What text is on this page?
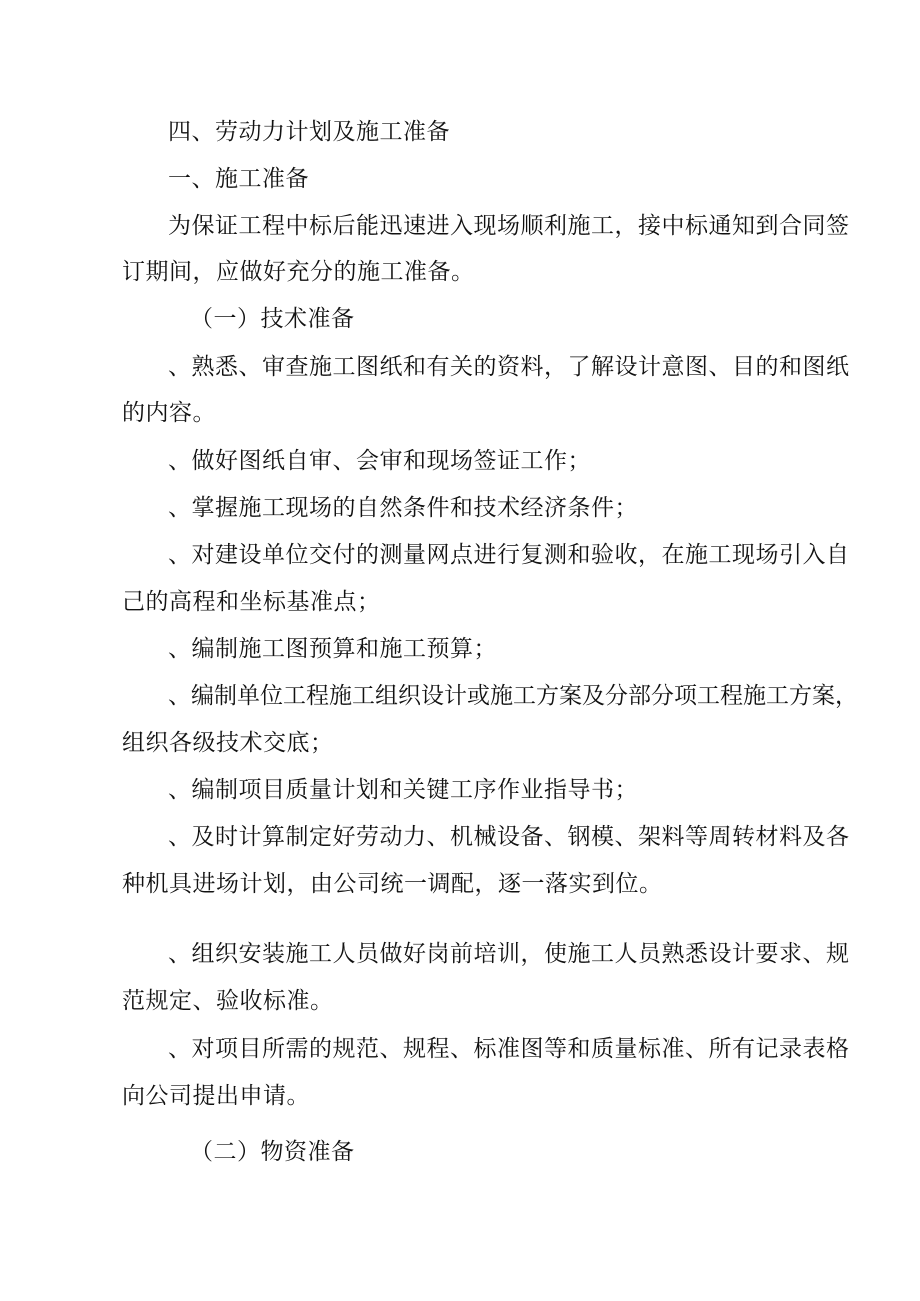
四、劳动力计划及施工准备
一、施工准备
为保证工程中标后能迅速进入现场顺利施工，接中标通知到合同签
订期间，应做好充分的施工准备。
（一）技术准备
、熟悉、审查施工图纸和有关的资料，了解设计意图、目的和图纸
的内容。
、做好图纸自审、会审和现场签证工作；
、掌握施工现场的自然条件和技术经济条件；
、对建设单位交付的测量网点进行复测和验收，在施工现场引入自
己的高程和坐标基准点；
、编制施工图预算和施工预算；
、编制单位工程施工组织设计或施工方案及分部分项工程施工方案，
组织各级技术交底；
、编制项目质量计划和关键工序作业指导书；
、及时计算制定好劳动力、机械设备、钢模、架料等周转材料及各
种机具进场计划，由公司统一调配，逐一落实到位。
、组织安装施工人员做好岗前培训，使施工人员熟悉设计要求、规
范规定、验收标准。
、对项目所需的规范、规程、标准图等和质量标准、所有记录表格
向公司提出申请。
（二）物资准备
